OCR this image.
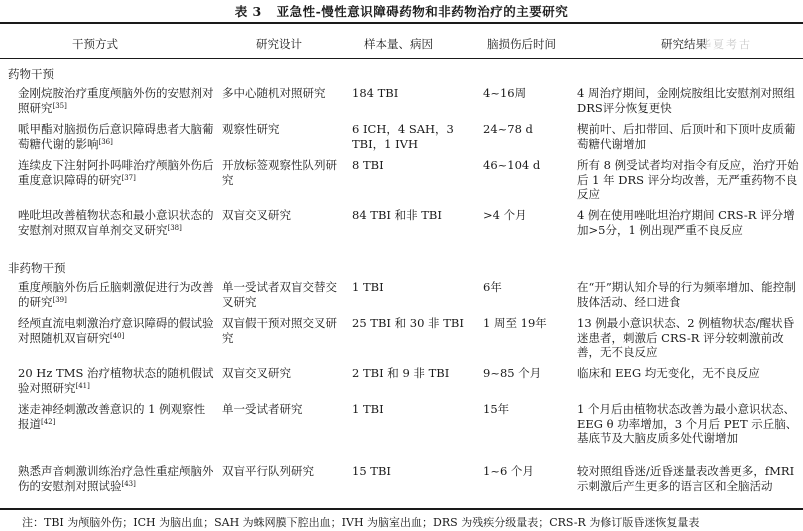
表 3 亚急性-慢性意识障碍药物和非药物治疗的主要研究
干预方式	研究设计	样本量、病因	脑损伤后时间	研究结果
华夏考古
药物干预
金刚烷胺治疗重度颅脑外伤的安慰剂对照研究[35]
多中心随机对照研究	184 TBI	4~16周	4 周治疗期间，金刚烷胺组比安慰剂对照组DRS评分恢复更快
哌甲酯对脑损伤后意识障碍患者大脑葡萄糖代谢的影响[36]
观察性研究	6 ICH，4 SAH，3 TBI，1 IVH
24~78 d	楔前叶、后扣带回、后顶叶和下顶叶皮质葡萄糖代谢增加
连续皮下注射阿扑吗啡治疗颅脑外伤后重度意识障碍的研究[37]
开放标签观察性队列研究
8 TBI	46~104 d	所有 8 例受试者均对指令有反应，治疗开始后 1 年 DRS 评分均改善，无严重药物不良反应
唑吡坦改善植物状态和最小意识状态的安慰剂对照双盲单剂交叉研究[38]
双盲交叉研究	84 TBI 和非 TBI	>4 个月	4 例在使用唑吡坦治疗期间 CRS-R 评分增加>5分，1 例出现严重不良反应
非药物干预
重度颅脑外伤后丘脑刺激促进行为改善的研究[39]
单一受试者双盲交替交叉研究
1 TBI	6年	在“开”期认知介导的行为频率增加、能控制肢体活动、经口进食
经颅直流电刺激治疗意识障碍的假试验对照随机双盲研究[40]
双盲假干预对照交叉研究
25 TBI 和 30 非 TBI	1 周至 19年	13 例最小意识状态、2 例植物状态/醒状昏迷患者，刺激后 CRS-R 评分较刺激前改善，无不良反应
20 Hz TMS 治疗植物状态的随机假试验对照研究[41]
双盲交叉研究	2 TBI 和 9 非 TBI	9~85 个月	临床和 EEG 均无变化，无不良反应
迷走神经刺激改善意识的 1 例观察性报道[42]
单一受试者研究	1 TBI	15年	1 个月后由植物状态改善为最小意识状态、EEG θ 功率增加，3 个月后 PET 示丘脑、基底节及大脑皮质多处代谢增加
熟悉声音刺激训练治疗急性重症颅脑外伤的安慰剂对照试验[43]
双盲平行队列研究	15 TBI	1~6 个月	较对照组昏迷/近昏迷量表改善更多，fMRI 示刺激后产生更多的语言区和全脑活动
注：TBI 为颅脑外伤；ICH 为脑出血；SAH 为蛛网膜下腔出血；IVH 为脑室出血；DRS 为残疾分级量表；CRS-R 为修订版昏迷恢复量表
